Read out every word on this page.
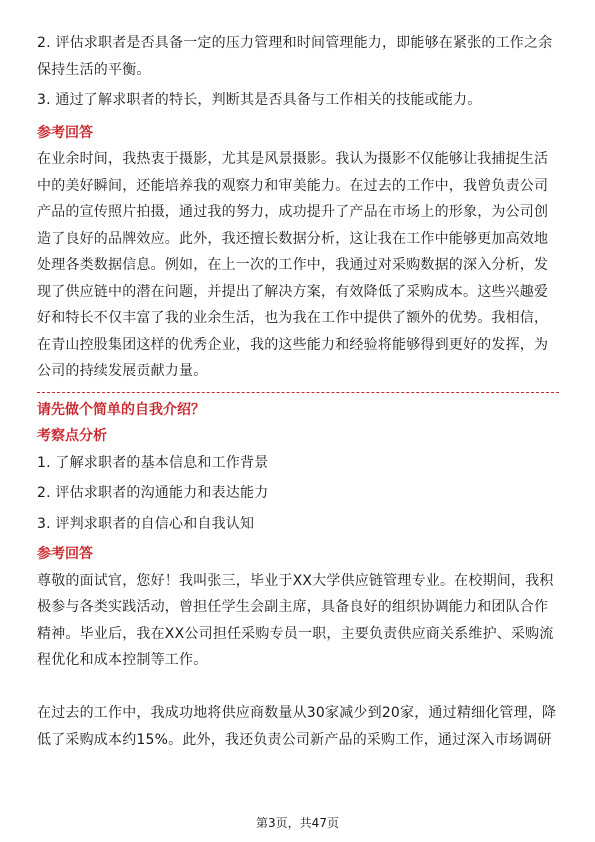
2. 评估求职者是否具备一定的压力管理和时间管理能力，即能够在紧张的工作之余
保持生活的平衡。
3. 通过了解求职者的特长，判断其是否具备与工作相关的技能或能力。
参考回答
在业余时间，我热衷于摄影，尤其是风景摄影。我认为摄影不仅能够让我捕捉生活
中的美好瞬间，还能培养我的观察力和审美能力。在过去的工作中，我曾负责公司
产品的宣传照片拍摄，通过我的努力，成功提升了产品在市场上的形象，为公司创
造了良好的品牌效应。此外，我还擅长数据分析，这让我在工作中能够更加高效地
处理各类数据信息。例如，在上一次的工作中，我通过对采购数据的深入分析，发
现了供应链中的潜在问题，并提出了解决方案，有效降低了采购成本。这些兴趣爱
好和特长不仅丰富了我的业余生活，也为我在工作中提供了额外的优势。我相信，
在青山控股集团这样的优秀企业，我的这些能力和经验将能够得到更好的发挥，为
公司的持续发展贡献力量。
请先做个简单的自我介绍？
考察点分析
1. 了解求职者的基本信息和工作背景
2. 评估求职者的沟通能力和表达能力
3. 评判求职者的自信心和自我认知
参考回答
尊敬的面试官，您好！我叫张三，毕业于XX大学供应链管理专业。在校期间，我积
极参与各类实践活动，曾担任学生会副主席，具备良好的组织协调能力和团队合作
精神。毕业后，我在XX公司担任采购专员一职，主要负责供应商关系维护、采购流
程优化和成本控制等工作。
在过去的工作中，我成功地将供应商数量从30家减少到20家，通过精细化管理，降
低了采购成本约15%。此外，我还负责公司新产品的采购工作，通过深入市场调研
第3页，共47页
